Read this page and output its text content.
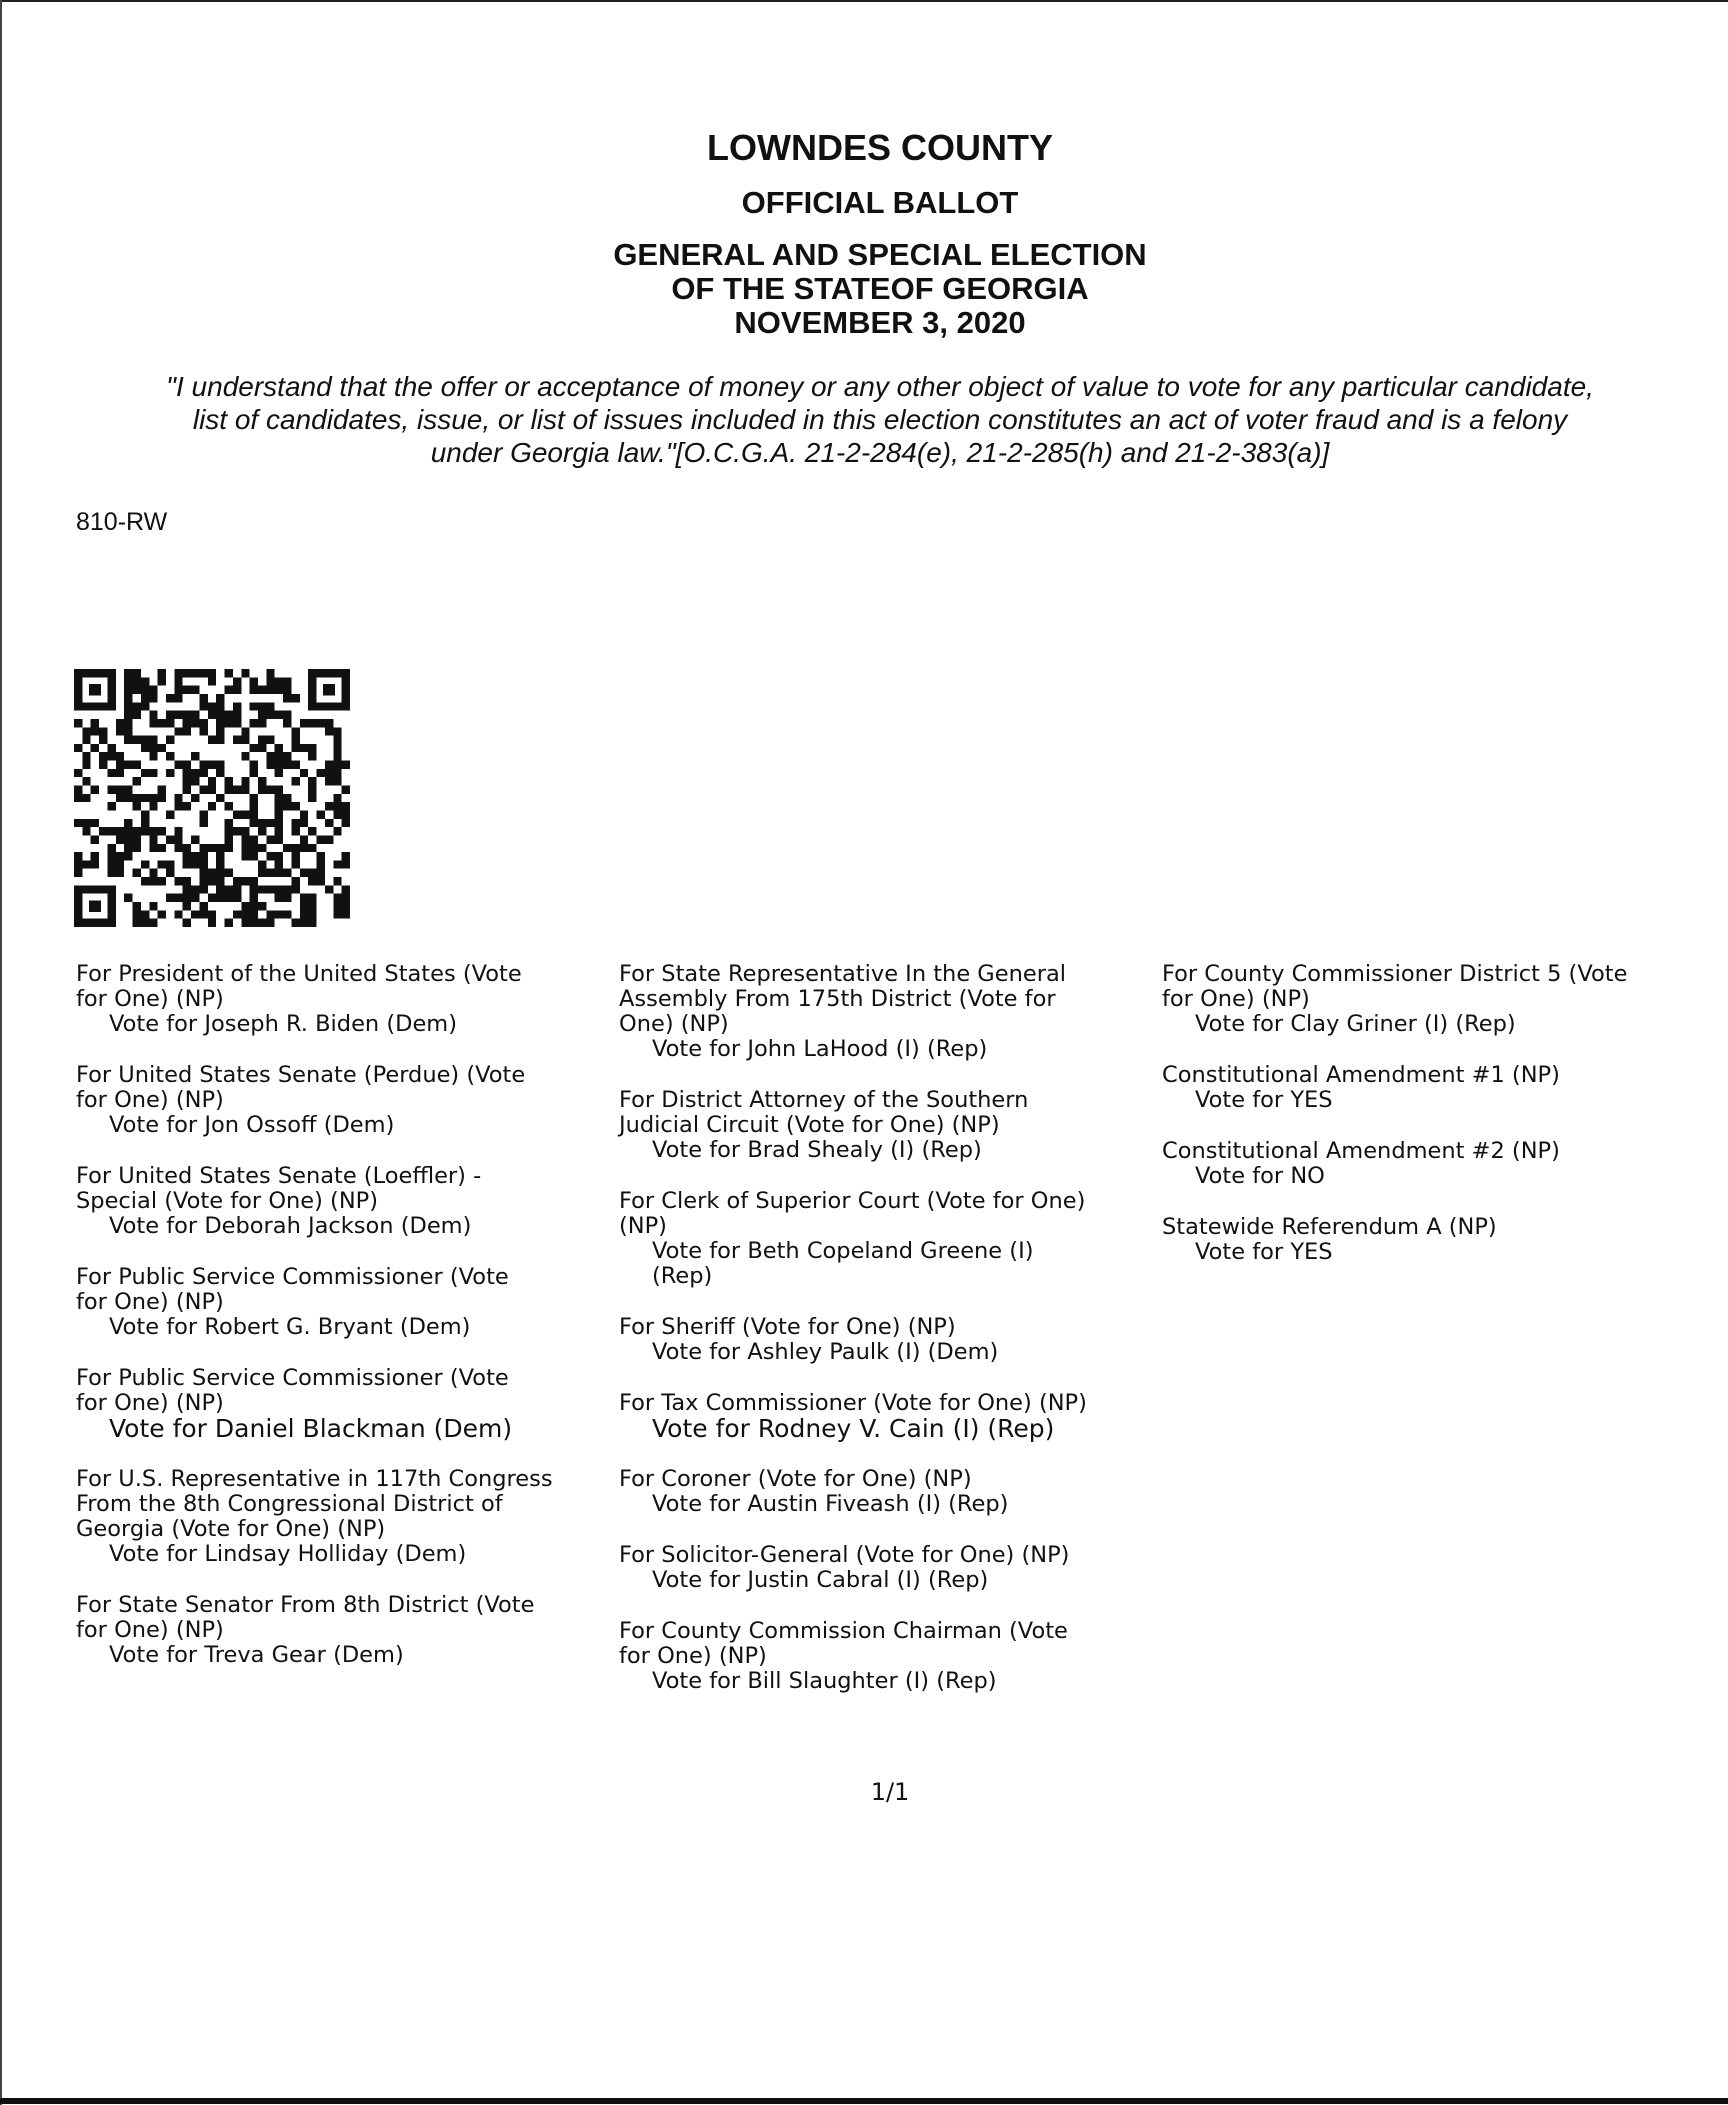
LOWNDES COUNTY
OFFICIAL BALLOT
GENERAL AND SPECIAL ELECTION
OF THE STATEOF GEORGIA
NOVEMBER 3, 2020
"I understand that the offer or acceptance of money or any other object of value to vote for any particular candidate,
list of candidates, issue, or list of issues included in this election constitutes an act of voter fraud and is a felony
under Georgia law."[O.C.G.A. 21-2-284(e), 21-2-285(h) and 21-2-383(a)]
810-RW
For President of the United States (Vote
for One) (NP)
Vote for Joseph R. Biden (Dem)
For United States Senate (Perdue) (Vote
for One) (NP)
Vote for Jon Ossoff (Dem)
For United States Senate (Loeffler) -
Special (Vote for One) (NP)
Vote for Deborah Jackson (Dem)
For Public Service Commissioner (Vote
for One) (NP)
Vote for Robert G. Bryant (Dem)
For Public Service Commissioner (Vote
for One) (NP)
Vote for Daniel Blackman (Dem)
For U.S. Representative in 117th Congress
From the 8th Congressional District of
Georgia (Vote for One) (NP)
Vote for Lindsay Holliday (Dem)
For State Senator From 8th District (Vote
for One) (NP)
Vote for Treva Gear (Dem)
For State Representative In the General
Assembly From 175th District (Vote for
One) (NP)
Vote for John LaHood (I) (Rep)
For District Attorney of the Southern
Judicial Circuit (Vote for One) (NP)
Vote for Brad Shealy (I) (Rep)
For Clerk of Superior Court (Vote for One)
(NP)
Vote for Beth Copeland Greene (I)
(Rep)
For Sheriff (Vote for One) (NP)
Vote for Ashley Paulk (I) (Dem)
For Tax Commissioner (Vote for One) (NP)
Vote for Rodney V. Cain (I) (Rep)
For Coroner (Vote for One) (NP)
Vote for Austin Fiveash (I) (Rep)
For Solicitor-General (Vote for One) (NP)
Vote for Justin Cabral (I) (Rep)
For County Commission Chairman (Vote
for One) (NP)
Vote for Bill Slaughter (I) (Rep)
For County Commissioner District 5 (Vote
for One) (NP)
Vote for Clay Griner (I) (Rep)
Constitutional Amendment #1 (NP)
Vote for YES
Constitutional Amendment #2 (NP)
Vote for NO
Statewide Referendum A (NP)
Vote for YES
1/1
